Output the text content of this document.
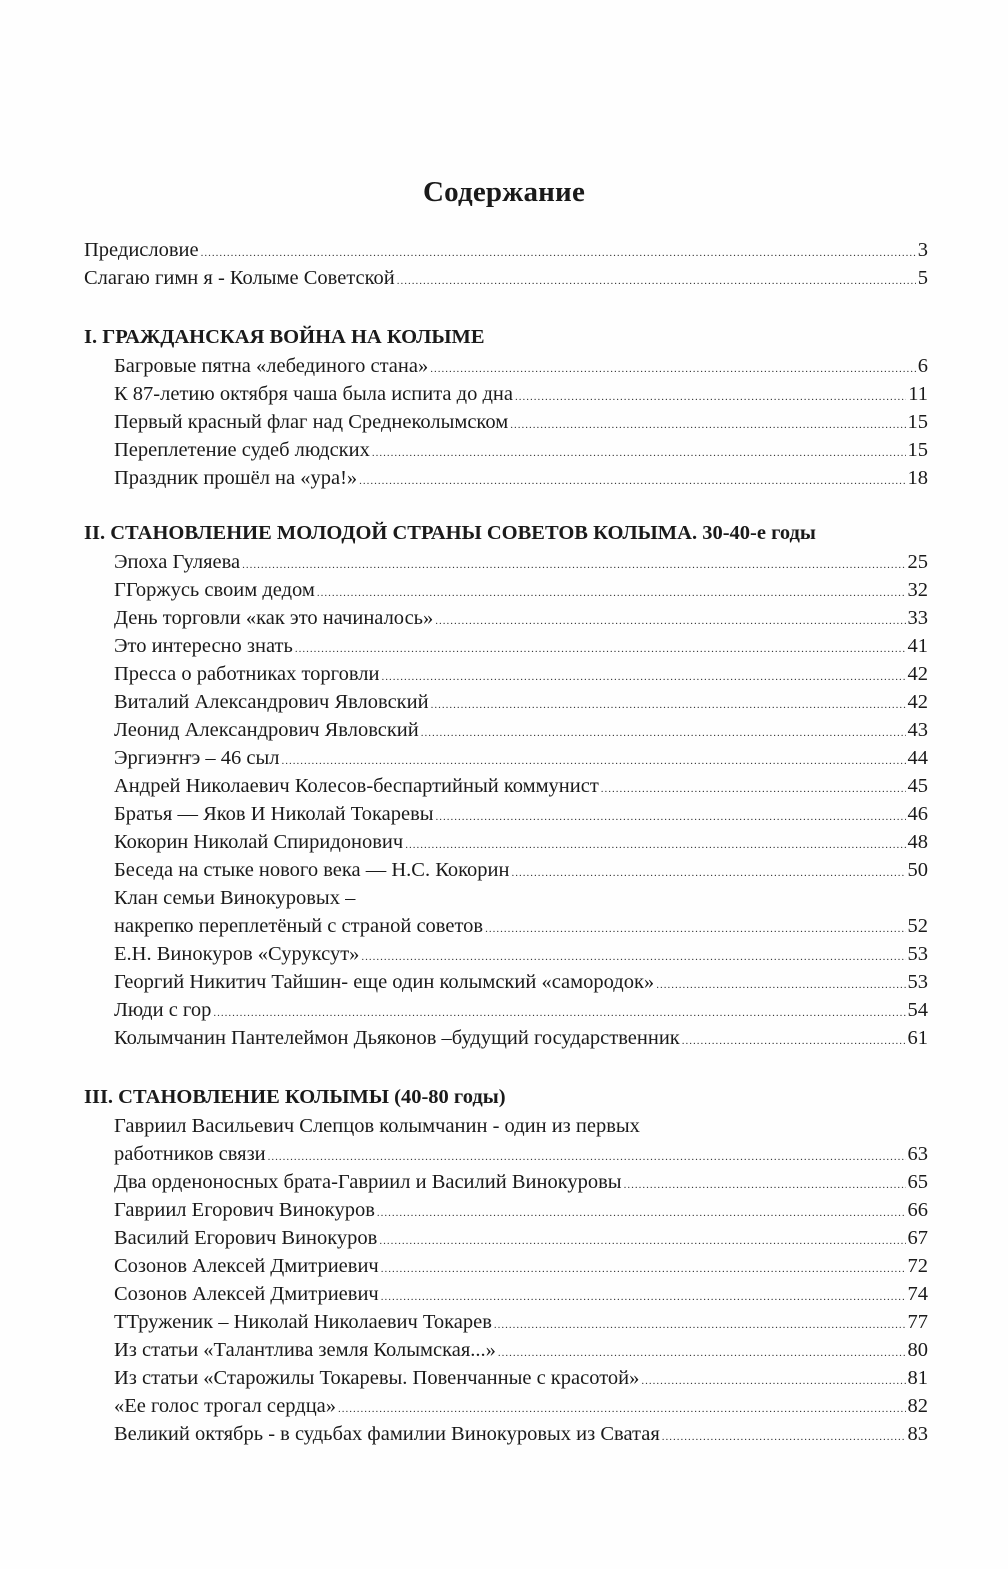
Содержание
Предисловие .....	3
Слагаю гимн я - Колыме Советской .....	5
I. ГРАЖДАНСКАЯ ВОЙНА НА КОЛЫМЕ
Багровые пятна «лебединого стана» .....	6
К 87-летию октября чаша была испита до дна .....	11
Первый красный флаг над Среднеколымском .....	15
Переплетение судеб людских .....	15
Праздник прошёл на «ура!» .....	18
II. СТАНОВЛЕНИЕ МОЛОДОЙ СТРАНЫ СОВЕТОВ КОЛЫМА. 30-40-е годы
Эпоха Гуляева .....	25
ГГоржусь своим дедом .....	32
День торговли «как это начиналось» .....	33
Это интересно знать .....	41
Пресса о работниках торговли .....	42
Виталий Александрович Явловский .....	42
Леонид Александрович Явловский .....	43
Эргиэҥҥэ – 46 сыл .....	44
Андрей Николаевич Колесов-беспартийный коммунист .....	45
Братья — Яков И Николай Токаревы .....	46
Кокорин Николай Спиридонович .....	48
Беседа на стыке нового века — Н.С. Кокорин .....	50
Клан семьи Винокуровых –
накрепко переплетёный с страной советов .....	52
Е.Н. Винокуров «Суруксут» .....	53
Георгий Никитич Тайшин- еще один колымский «самородок» .....	53
Люди с гор .....	54
Колымчанин Пантелеймон Дьяконов –будущий государственник .....	61
III. СТАНОВЛЕНИЕ КОЛЫМЫ (40-80 годы)
Гавриил Васильевич Слепцов колымчанин - один из первых
работников связи .....	63
Два орденоносных брата-Гавриил и Василий Винокуровы .....	65
Гавриил Егорович Винокуров .....	66
Василий Егорович Винокуров .....	67
Созонов Алексей Дмитриевич .....	72
Созонов Алексей Дмитриевич .....	74
ТТруженик – Николай Николаевич Токарев .....	77
Из статьи «Талантлива земля Колымская...» .....	80
Из статьи «Старожилы Токаревы. Повенчанные с красотой» .....	81
«Ее голос трогал сердца» .....	82
Великий октябрь - в судьбах фамилии Винокуровых из Сватая .....	83
